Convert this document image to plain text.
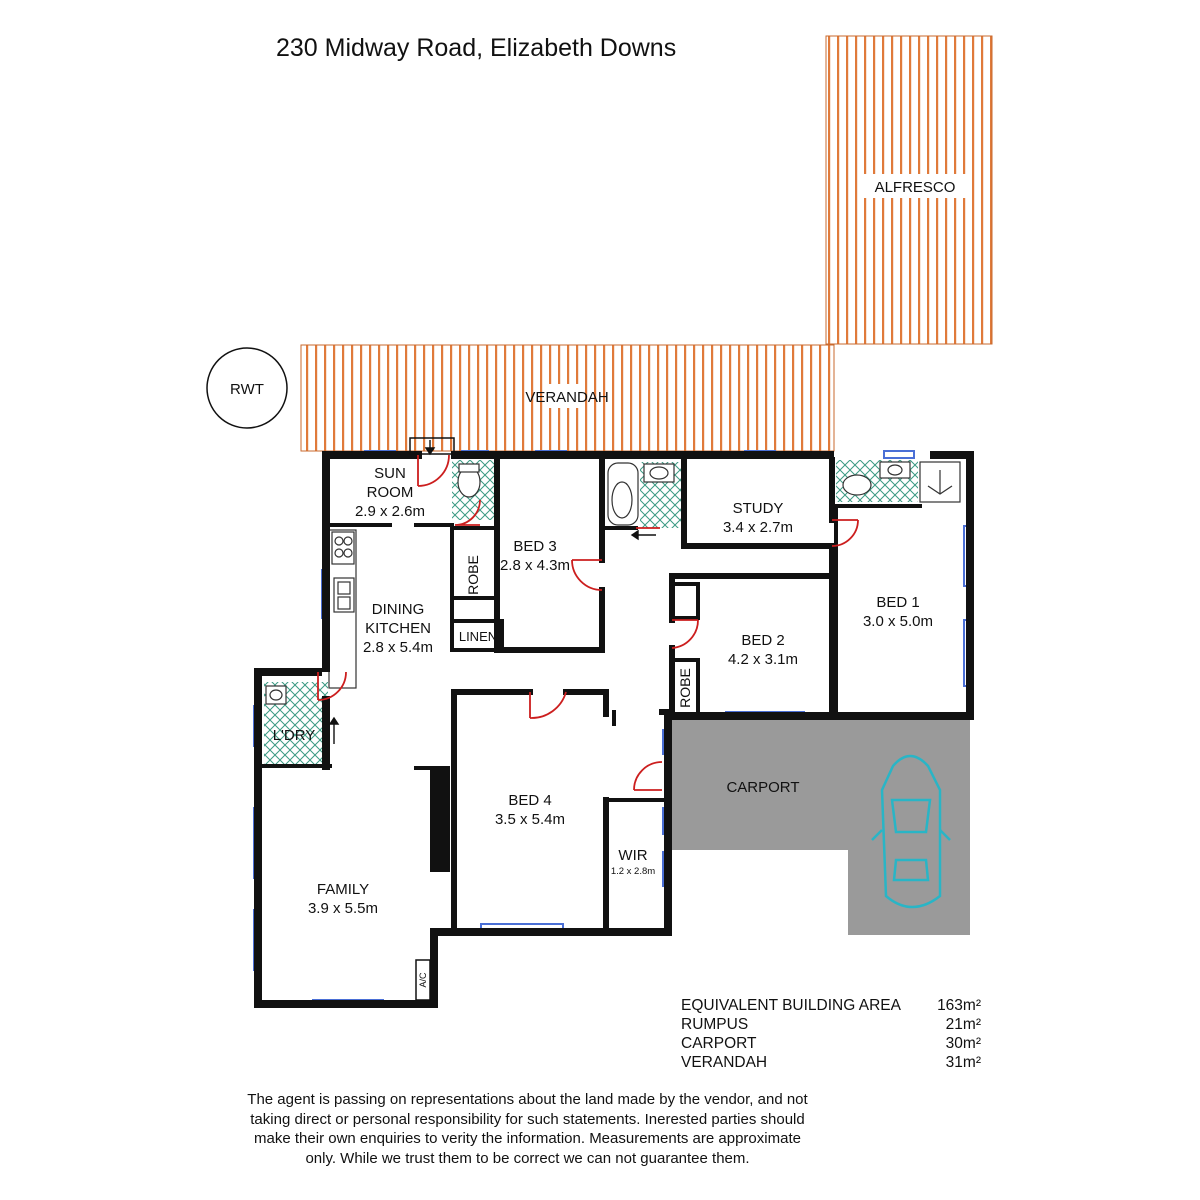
230 Midway Road, Elizabeth Downs
ALFRESCO
VERANDAH
RWT
SUN
ROOM
2.9 x 2.6m
BED 3
2.8 x 4.3m
STUDY
3.4 x 2.7m
BED 1
3.0 x 5.0m
BED 2
4.2 x 3.1m
DINING
KITCHEN
2.8 x 5.4m
LINEN
L'DRY
BED 4
3.5 x 5.4m
WIR
1.2 x 2.8m
CARPORT
FAMILY
3.9 x 5.5m
ROBE
ROBE
A/C
EQUIVALENT BUILDING AREA 163m²
RUMPUS	21m²
CARPORT	30m²
VERANDAH	31m²
The agent is passing on representations about the land made by the vendor, and not taking direct or personal responsibility for such statements. Inerested parties should make their own enquiries to verity the information. Measurements are approximate only. While we trust them to be correct we can not guarantee them.
